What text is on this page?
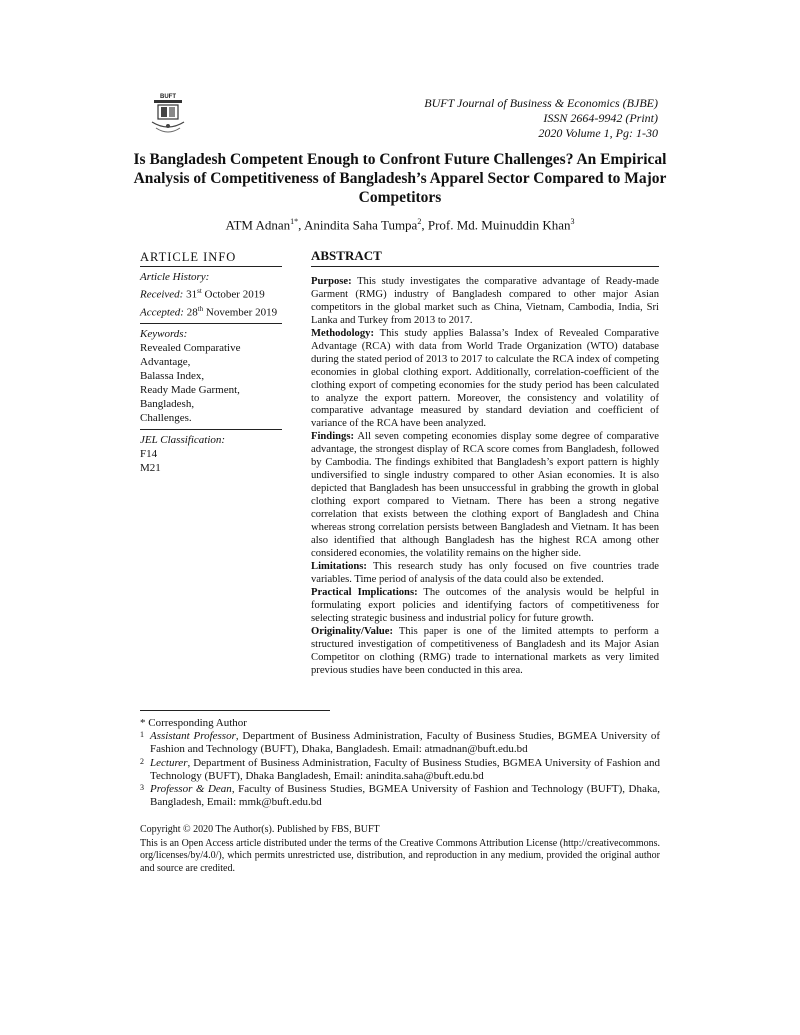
BUFT	BUFT Journal of Business & Economics (BJBE)
ISSN 2664-9942 (Print)
2020 Volume 1, Pg: 1-30
Is Bangladesh Competent Enough to Confront Future Challenges? An Empirical Analysis of Competitiveness of Bangladesh’s Apparel Sector Compared to Major Competitors
ATM Adnan$^{1*}$, Anindita Saha Tumpa$^2$, Prof. Md. Muinuddin Khan$^3$
ARTICLE INFO
Article History:
Received: 31st October 2019
Accepted: 28th November 2019
Keywords:
Revealed Comparative
Advantage,
Balassa Index,
Ready Made Garment,
Bangladesh,
Challenges.
JEL Classification:
F14
M21
ABSTRACT

Purpose: This study investigates the comparative advantage of Ready-made Garment (RMG) industry of Bangladesh compared to other major Asian competitors in the global market such as China, Vietnam, Cambodia, India, Sri Lanka and Turkey from 2013 to 2017.

Methodology: This study applies Balassa’s Index of Revealed Comparative Advantage (RCA) with data from World Trade Organization (WTO) database during the stated period of 2013 to 2017 to calculate the RCA index of competing economies in global clothing export. Additionally, correlation-coefficient of the clothing export of competing economies for the study period has been calculated to analyze the export pattern. Moreover, the consistency and volatility of comparative advantage measured by standard deviation and coefficient of variance of the RCA have been analyzed.

Findings: All seven competing economies display some degree of comparative advantage, the strongest display of RCA score comes from Bangladesh, followed by Cambodia. The findings exhibited that Bangladesh’s export pattern is highly undiversified to single industry compared to other Asian economies. It is also depicted that Bangladesh has been unsuccessful in grabbing the growth in global clothing export compared to Vietnam. There has been a strong negative correlation that exists between the clothing export of Bangladesh and China whereas strong correlation persists between Bangladesh and Vietnam. It has been also identified that although Bangladesh has the highest RCA among other considered economies, the volatility remains on the higher side.

Limitations: This research study has only focused on five countries trade variables. Time period of analysis of the data could also be extended.

Practical Implications: The outcomes of the analysis would be helpful in formulating export policies and identifying factors of competitiveness for selecting strategic business and industrial policy for future growth.

Originality/Value: This paper is one of the limited attempts to perform a structured investigation of competitiveness of Bangladesh and its Major Asian Competitor on clothing (RMG) trade to international markets as very limited previous studies have been conducted in this area.

* Corresponding Author
1 Assistant Professor, Department of Business Administration, Faculty of Business Studies, BGMEA University of Fashion and Technology (BUFT), Dhaka, Bangladesh. Email: atmadnan@buft.edu.bd
2 Lecturer, Department of Business Administration, Faculty of Business Studies, BGMEA University of Fashion and Technology (BUFT), Dhaka Bangladesh, Email: anindita.saha@buft.edu.bd
3 Professor & Dean, Faculty of Business Studies, BGMEA University of Fashion and Technology (BUFT), Dhaka, Bangladesh, Email: mmk@buft.edu.bd
Copyright © 2020 The Author(s). Published by FBS, BUFT
This is an Open Access article distributed under the terms of the Creative Commons Attribution License (http://creativecommons. org/licenses/by/4.0/), which permits unrestricted use, distribution, and reproduction in any medium, provided the original author and source are credited.
